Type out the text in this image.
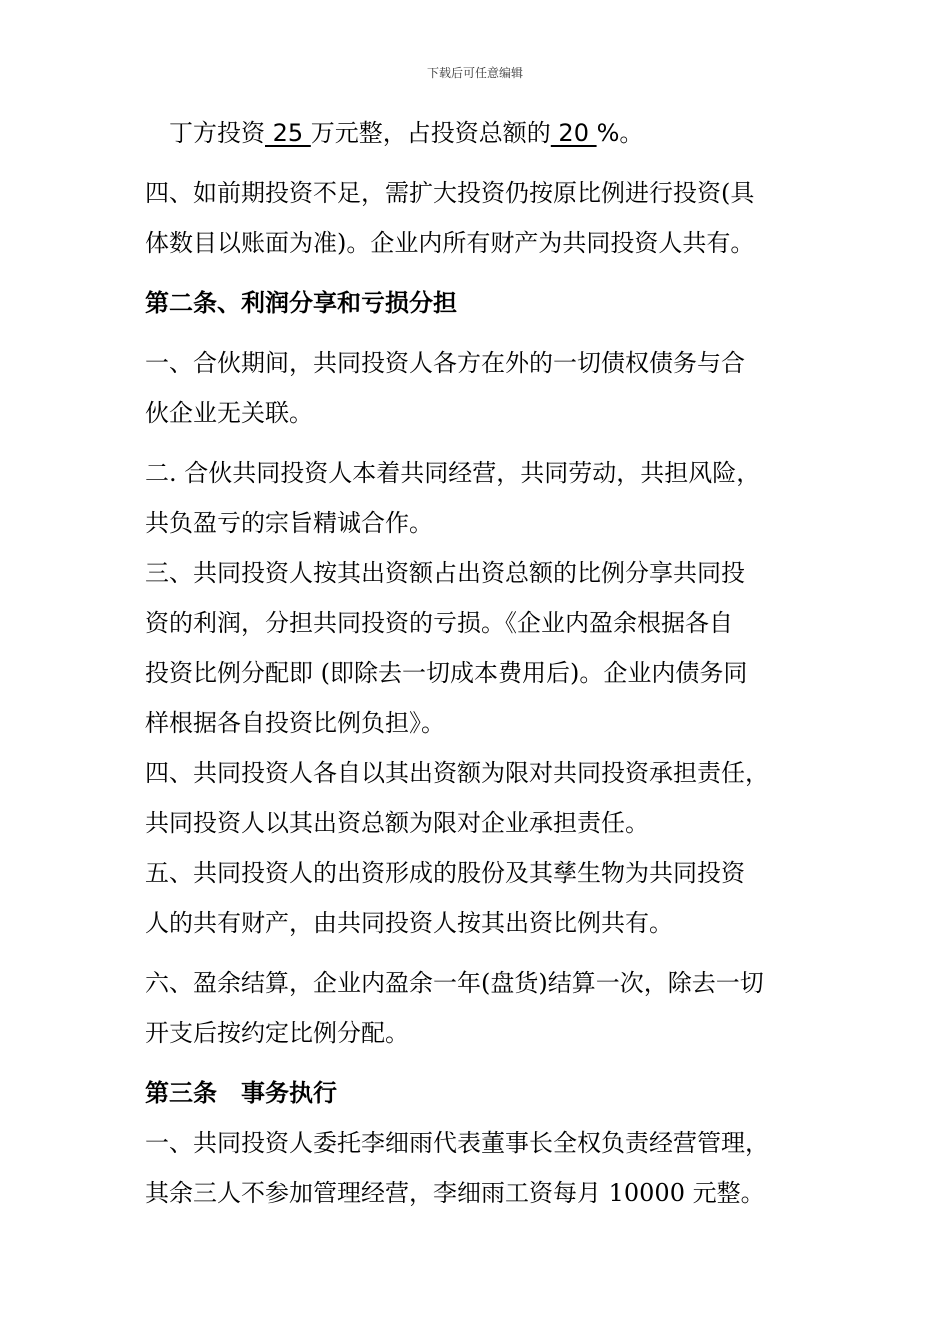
下载后可任意编辑

丁方投资 25 万元整，占投资总额的 20 %。

四、如前期投资不足，需扩大投资仍按原比例进行投资(具

体数目以账面为准)。企业内所有财产为共同投资人共有。

第二条、利润分享和亏损分担

一、合伙期间，共同投资人各方在外的一切债权债务与合

伙企业无关联。

二. 合伙共同投资人本着共同经营，共同劳动，共担风险，

共负盈亏的宗旨精诚合作。

三、共同投资人按其出资额占出资总额的比例分享共同投

资的利润，分担共同投资的亏损。《企业内盈余根据各自

投资比例分配即 (即除去一切成本费用后)。企业内债务同

样根据各自投资比例负担》。

四、共同投资人各自以其出资额为限对共同投资承担责任，

共同投资人以其出资总额为限对企业承担责任。

五、共同投资人的出资形成的股份及其孳生物为共同投资

人的共有财产，由共同投资人按其出资比例共有。

六、盈余结算，企业内盈余一年(盘货)结算一次，除去一切

开支后按约定比例分配。

第三条　事务执行

一、共同投资人委托李细雨代表董事长全权负责经营管理，

其余三人不参加管理经营，李细雨工资每月 10000 元整。
